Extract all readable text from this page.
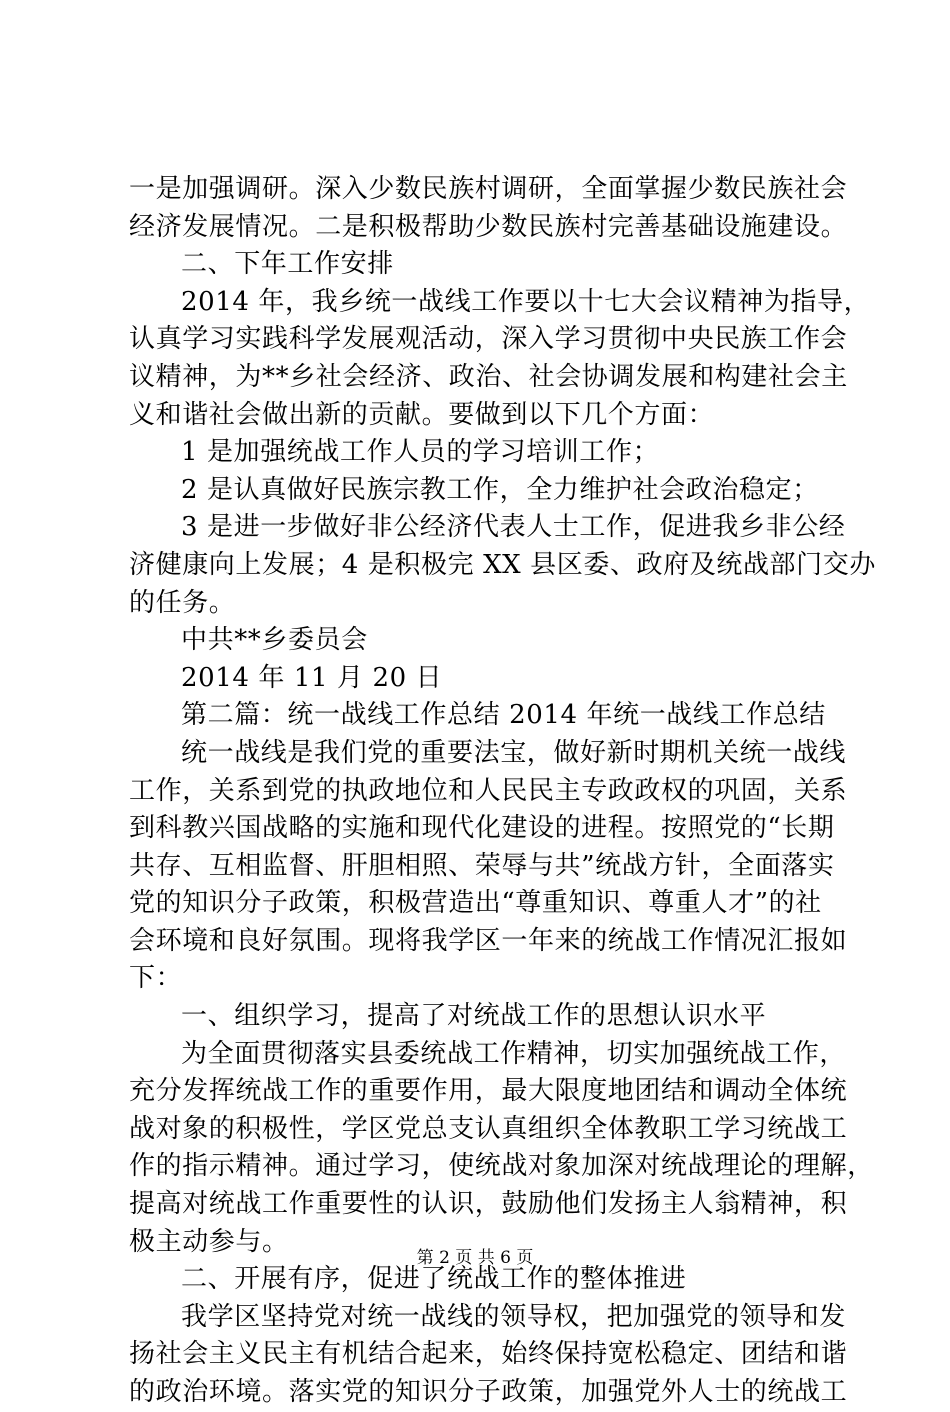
一是加强调研。深入少数民族村调研，全面掌握少数民族社会
经济发展情况。二是积极帮助少数民族村完善基础设施建设。
二、下年工作安排
2014 年，我乡统一战线工作要以十七大会议精神为指导，
认真学习实践科学发展观活动，深入学习贯彻中央民族工作会
议精神，为**乡社会经济、政治、社会协调发展和构建社会主
义和谐社会做出新的贡献。要做到以下几个方面：
1 是加强统战工作人员的学习培训工作；
2 是认真做好民族宗教工作，全力维护社会政治稳定；
3 是进一步做好非公经济代表人士工作，促进我乡非公经
济健康向上发展；4 是积极完 XX 县区委、政府及统战部门交办
的任务。
中共**乡委员会
2014 年 11 月 20 日
第二篇：统一战线工作总结 2014 年统一战线工作总结
统一战线是我们党的重要法宝，做好新时期机关统一战线
工作，关系到党的执政地位和人民民主专政政权的巩固，关系
到科教兴国战略的实施和现代化建设的进程。按照党的“长期
共存、互相监督、肝胆相照、荣辱与共”统战方针，全面落实
党的知识分子政策，积极营造出“尊重知识、尊重人才”的社
会环境和良好氛围。现将我学区一年来的统战工作情况汇报如
下：
一、组织学习，提高了对统战工作的思想认识水平
为全面贯彻落实县委统战工作精神，切实加强统战工作，
充分发挥统战工作的重要作用，最大限度地团结和调动全体统
战对象的积极性，学区党总支认真组织全体教职工学习统战工
作的指示精神。通过学习，使统战对象加深对统战理论的理解，
提高对统战工作重要性的认识，鼓励他们发扬主人翁精神，积
极主动参与。
二、开展有序，促进了统战工作的整体推进
我学区坚持党对统一战线的领导权，把加强党的领导和发
扬社会主义民主有机结合起来，始终保持宽松稳定、团结和谐
的政治环境。落实党的知识分子政策，加强党外人士的统战工
第 2 页 共 6 页
